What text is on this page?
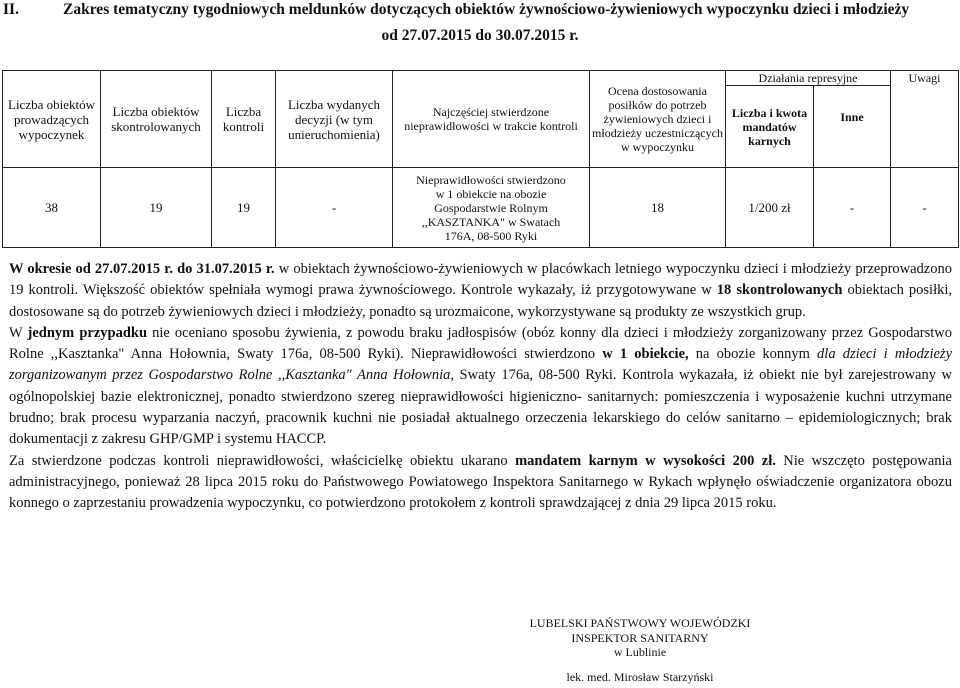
II.	Zakres tematyczny tygodniowych meldunków dotyczących obiektów żywnościowo-żywieniowych wypoczynku dzieci i młodzieży
od 27.07.2015 do 30.07.2015 r.
Liczba obiektów prowadzących wypoczynek	Liczba obiektów skontrolowanych	Liczba kontroli	Liczba wydanych decyzji (w tym unieruchomienia)	Najczęściej stwierdzone nieprawidłowości w trakcie kontroli	Ocena dostosowania posiłków do potrzeb żywieniowych dzieci i młodzieży uczestniczących w wypoczynku	Działania represyjne		Uwagi
						Liczba i kwota mandatów karnych	Inne	
38	19	19	-	Nieprawidłowości stwierdzono w 1 obiekcie na obozie Gospodarstwie Rolnym ,,KASZTANKA" w Swatach 176A, 08-500 Ryki	18	1/200 zł	-	-

W okresie od 27.07.2015 r. do 31.07.2015 r. w obiektach żywnościowo-żywieniowych w placówkach letniego wypoczynku dzieci i młodzieży przeprowadzono 19 kontroli. Większość obiektów spełniała wymogi prawa żywnościowego. Kontrole wykazały, iż przygotowywane w 18 skontrolowanych obiektach posiłki, dostosowane są do potrzeb żywieniowych dzieci i młodzieży, ponadto są urozmaicone, wykorzystywane są produkty ze wszystkich grup.

W jednym przypadku nie oceniano sposobu żywienia, z powodu braku jadłospisów (obóz konny dla dzieci i młodzieży zorganizowany przez Gospodarstwo Rolne ,,Kasztanka" Anna Hołownia, Swaty 176a, 08-500 Ryki). Nieprawidłowości stwierdzono w 1 obiekcie, na obozie konnym dla dzieci i młodzieży zorganizowanym przez Gospodarstwo Rolne ,,Kasztanka" Anna Hołownia, Swaty 176a, 08-500 Ryki. Kontrola wykazała, iż obiekt nie był zarejestrowany w ogólnopolskiej bazie elektronicznej, ponadto stwierdzono szereg nieprawidłowości higieniczno- sanitarnych: pomieszczenia i wyposażenie kuchni utrzymane brudno; brak procesu wyparzania naczyń, pracownik kuchni nie posiadał aktualnego orzeczenia lekarskiego do celów sanitarno – epidemiologicznych; brak dokumentacji z zakresu GHP/GMP i systemu HACCP.

Za stwierdzone podczas kontroli nieprawidłowości, właścicielkę obiektu ukarano mandatem karnym w wysokości 200 zł. Nie wszczęto postępowania administracyjnego, ponieważ 28 lipca 2015 roku do Państwowego Powiatowego Inspektora Sanitarnego w Rykach wpłynęło oświadczenie organizatora obozu konnego o zaprzestaniu prowadzenia wypoczynku, co potwierdzono protokołem z kontroli sprawdzającej z dnia 29 lipca 2015 roku.

LUBELSKI PAŃSTWOWY WOJEWÓDZKI
INSPEKTOR SANITARNY
w Lublinie
lek. med. Mirosław Starzyński
